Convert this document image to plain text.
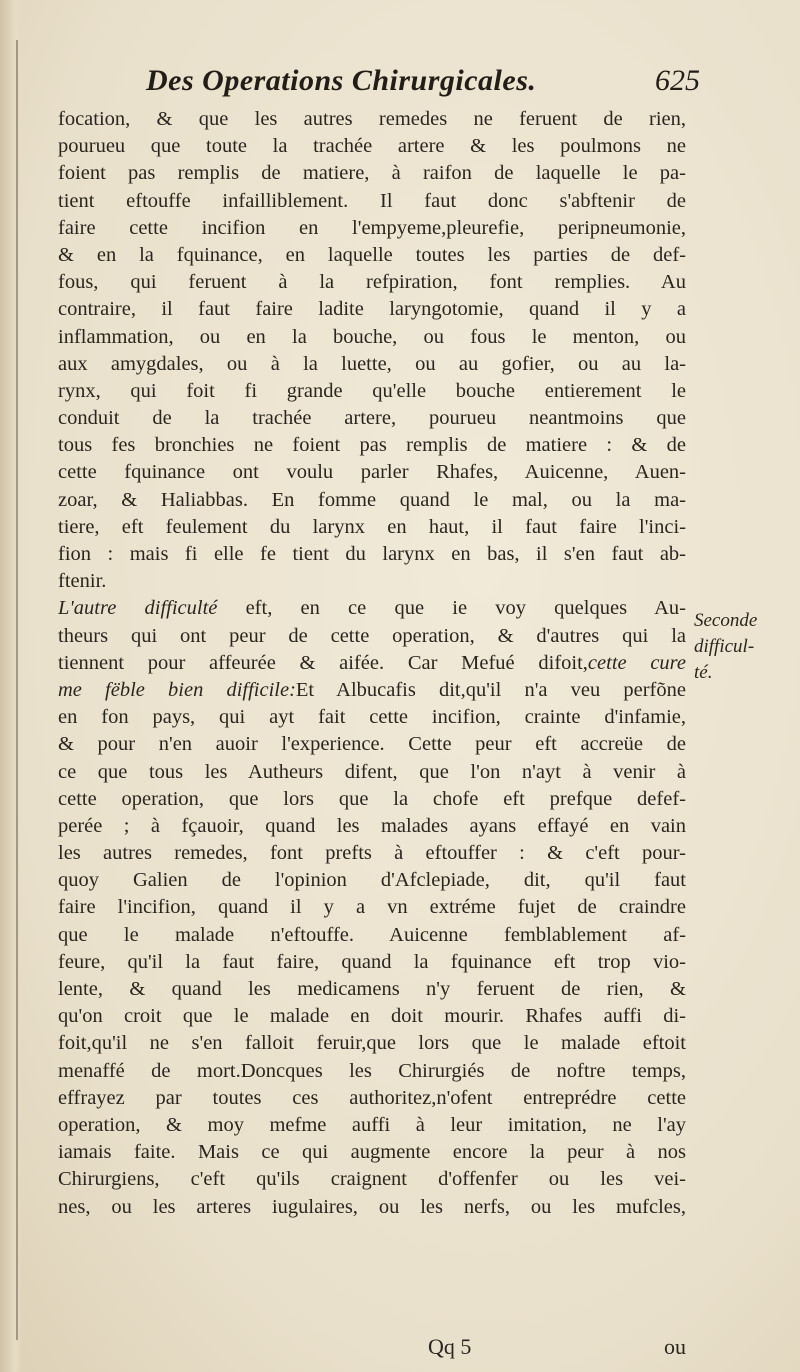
Des Operations Chirurgicales.	625
focation, & que les autres remedes ne feruent de rien,
pourueu que toute la trachée artere & les poulmons ne
foient pas remplis de matiere, à raifon de laquelle le pa-
tient eftouffe infailliblement. Il faut donc s'abftenir de
faire cette incifion en l'empyeme,pleurefie, peripneumonie,
& en la fquinance, en laquelle toutes les parties de def-
fous, qui feruent à la refpiration, font remplies. Au
contraire, il faut faire ladite laryngotomie, quand il y a
inflammation, ou en la bouche, ou fous le menton, ou
aux amygdales, ou à la luette, ou au gofier, ou au la-
rynx, qui foit fi grande qu'elle bouche entierement le
conduit de la trachée artere, pourueu neantmoins que
tous fes bronchies ne foient pas remplis de matiere : & de
cette fquinance ont voulu parler Rhafes, Auicenne, Auen-
zoar, & Haliabbas. En fomme quand le mal, ou la ma-
tiere, eft feulement du larynx en haut, il faut faire l'inci-
fion : mais fi elle fe tient du larynx en bas, il s'en faut ab-
ftenir.
L'autre difficulté eft, en ce que ie voy quelques Au-
theurs qui ont peur de cette operation, & d'autres qui la
tiennent pour affeurée & aifée. Car Mefué difoit,cette cure
me fëble bien difficile:Et Albucafis dit,qu'il n'a veu perfõne
en fon pays, qui ayt fait cette incifion, crainte d'infamie,
& pour n'en auoir l'experience. Cette peur eft accreüe de
ce que tous les Autheurs difent, que l'on n'ayt à venir à
cette operation, que lors que la chofe eft prefque defef-
perée ; à fçauoir, quand les malades ayans effayé en vain
les autres remedes, font prefts à eftouffer : & c'eft pour-
quoy Galien de l'opinion d'Afclepiade, dit, qu'il faut
faire l'incifion, quand il y a vn extréme fujet de craindre
que le malade n'eftouffe. Auicenne femblablement af-
feure, qu'il la faut faire, quand la fquinance eft trop vio-
lente, & quand les medicamens n'y feruent de rien, &
qu'on croit que le malade en doit mourir. Rhafes auffi di-
foit,qu'il ne s'en falloit feruir,que lors que le malade eftoit
menaffé de mort.Doncques les Chirurgiés de noftre temps,
effrayez par toutes ces authoritez,n'ofent entreprédre cette
operation, & moy mefme auffi à leur imitation, ne l'ay
iamais faite. Mais ce qui augmente encore la peur à nos
Chirurgiens, c'eft qu'ils craignent d'offenfer ou les vei-
nes, ou les arteres iugulaires, ou les nerfs, ou les mufcles,
Seconde
difficul-
té.
Qq 5	ou
